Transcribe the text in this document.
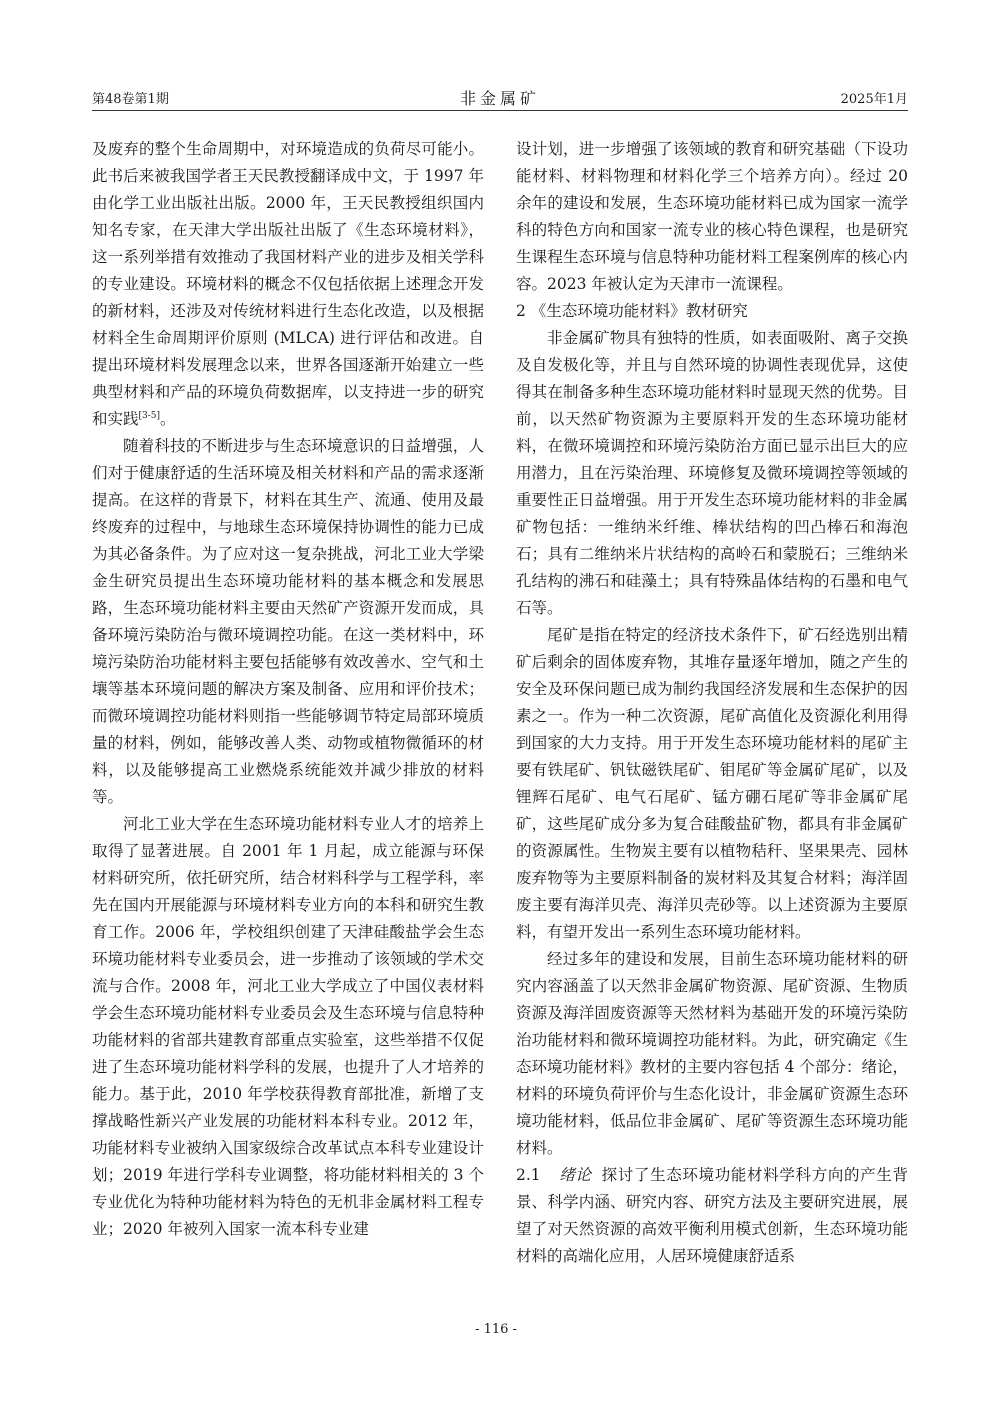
第48卷第1期	非金属矿	2025年1月

及废弃的整个生命周期中，对环境造成的负荷尽可能小。此书后来被我国学者王天民教授翻译成中文，于 1997 年由化学工业出版社出版。2000 年，王天民教授组织国内知名专家，在天津大学出版社出版了《生态环境材料》，这一系列举措有效推动了我国材料产业的进步及相关学科的专业建设。环境材料的概念不仅包括依据上述理念开发的新材料，还涉及对传统材料进行生态化改造，以及根据材料全生命周期评价原则 (MLCA) 进行评估和改进。自提出环境材料发展理念以来，世界各国逐渐开始建立一些典型材料和产品的环境负荷数据库，以支持进一步的研究和实践[3-5]。

随着科技的不断进步与生态环境意识的日益增强，人们对于健康舒适的生活环境及相关材料和产品的需求逐渐提高。在这样的背景下，材料在其生产、流通、使用及最终废弃的过程中，与地球生态环境保持协调性的能力已成为其必备条件。为了应对这一复杂挑战，河北工业大学梁金生研究员提出生态环境功能材料的基本概念和发展思路，生态环境功能材料主要由天然矿产资源开发而成，具备环境污染防治与微环境调控功能。在这一类材料中，环境污染防治功能材料主要包括能够有效改善水、空气和土壤等基本环境问题的解决方案及制备、应用和评价技术；而微环境调控功能材料则指一些能够调节特定局部环境质量的材料，例如，能够改善人类、动物或植物微循环的材料，以及能够提高工业燃烧系统能效并减少排放的材料等。

河北工业大学在生态环境功能材料专业人才的培养上取得了显著进展。自 2001 年 1 月起，成立能源与环保材料研究所，依托研究所，结合材料科学与工程学科，率先在国内开展能源与环境材料专业方向的本科和研究生教育工作。2006 年，学校组织创建了天津硅酸盐学会生态环境功能材料专业委员会，进一步推动了该领域的学术交流与合作。2008 年，河北工业大学成立了中国仪表材料学会生态环境功能材料专业委员会及生态环境与信息特种功能材料的省部共建教育部重点实验室，这些举措不仅促进了生态环境功能材料学科的发展，也提升了人才培养的能力。基于此，2010 年学校获得教育部批准，新增了支撑战略性新兴产业发展的功能材料本科专业。2012 年，功能材料专业被纳入国家级综合改革试点本科专业建设计划；2019 年进行学科专业调整，将功能材料相关的 3 个专业优化为特种功能材料为特色的无机非金属材料工程专业；2020 年被列入国家一流本科专业建

设计划，进一步增强了该领域的教育和研究基础（下设功能材料、材料物理和材料化学三个培养方向）。经过 20 余年的建设和发展，生态环境功能材料已成为国家一流学科的特色方向和国家一流专业的核心特色课程，也是研究生课程生态环境与信息特种功能材料工程案例库的核心内容。2023 年被认定为天津市一流课程。

2 《生态环境功能材料》教材研究

非金属矿物具有独特的性质，如表面吸附、离子交换及自发极化等，并且与自然环境的协调性表现优异，这使得其在制备多种生态环境功能材料时显现天然的优势。目前，以天然矿物资源为主要原料开发的生态环境功能材料，在微环境调控和环境污染防治方面已显示出巨大的应用潜力，且在污染治理、环境修复及微环境调控等领域的重要性正日益增强。用于开发生态环境功能材料的非金属矿物包括：一维纳米纤维、棒状结构的凹凸棒石和海泡石；具有二维纳米片状结构的高岭石和蒙脱石；三维纳米孔结构的沸石和硅藻土；具有特殊晶体结构的石墨和电气石等。

尾矿是指在特定的经济技术条件下，矿石经选别出精矿后剩余的固体废弃物，其堆存量逐年增加，随之产生的安全及环保问题已成为制约我国经济发展和生态保护的因素之一。作为一种二次资源，尾矿高值化及资源化利用得到国家的大力支持。用于开发生态环境功能材料的尾矿主要有铁尾矿、钒钛磁铁尾矿、钼尾矿等金属矿尾矿，以及锂辉石尾矿、电气石尾矿、锰方硼石尾矿等非金属矿尾矿，这些尾矿成分多为复合硅酸盐矿物，都具有非金属矿的资源属性。生物炭主要有以植物秸秆、坚果果壳、园林废弃物等为主要原料制备的炭材料及其复合材料；海洋固废主要有海洋贝壳、海洋贝壳砂等。以上述资源为主要原料，有望开发出一系列生态环境功能材料。

经过多年的建设和发展，目前生态环境功能材料的研究内容涵盖了以天然非金属矿物资源、尾矿资源、生物质资源及海洋固废资源等天然材料为基础开发的环境污染防治功能材料和微环境调控功能材料。为此，研究确定《生态环境功能材料》教材的主要内容包括 4 个部分：绪论，材料的环境负荷评价与生态化设计，非金属矿资源生态环境功能材料，低品位非金属矿、尾矿等资源生态环境功能材料。

2.1 绪论 探讨了生态环境功能材料学科方向的产生背景、科学内涵、研究内容、研究方法及主要研究进展，展望了对天然资源的高效平衡利用模式创新，生态环境功能材料的高端化应用，人居环境健康舒适系

- 116 -
